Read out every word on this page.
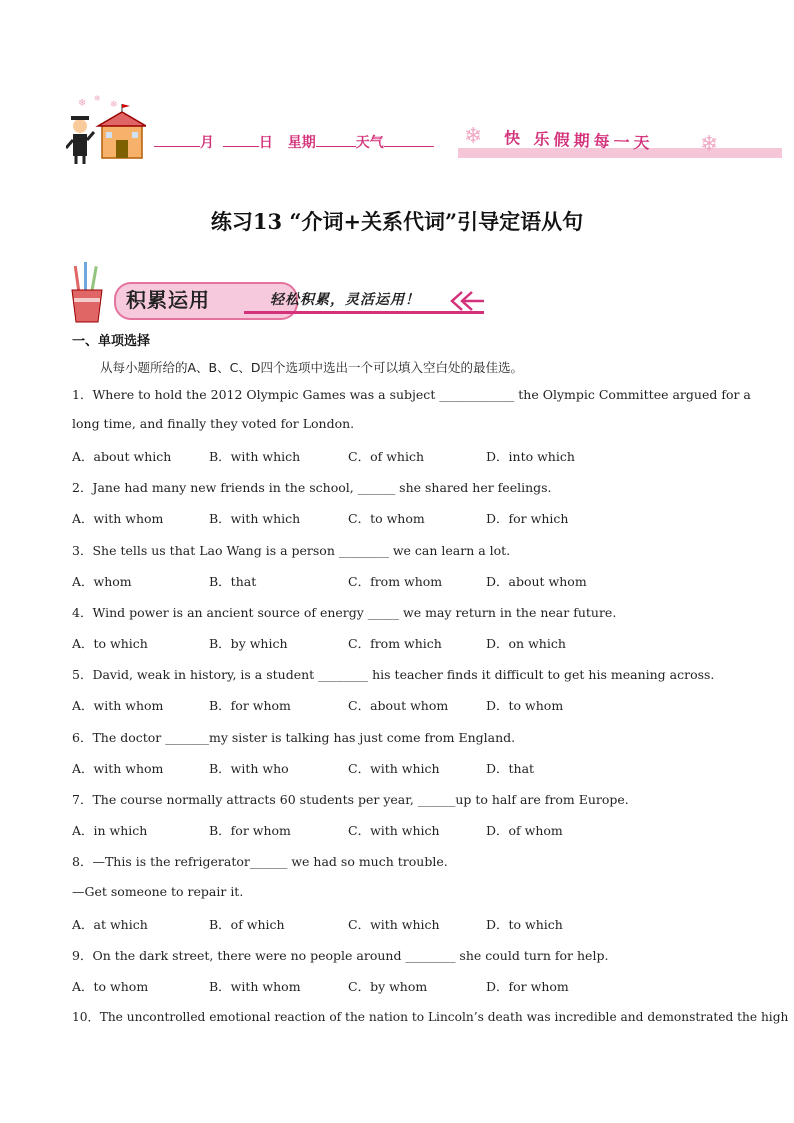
❄ ❄
❄
月	日 星期	天气	❄ 快 乐假期每一天 ❄
练习13 “介词+关系代词”引导定语从句
积累运用	轻松积累，灵活运用！
一、单项选择
从每小题所给的A、B、C、D四个选项中选出一个可以填入空白处的最佳选。
1．Where to hold the 2012 Olympic Games was a subject ____________ the Olympic Committee argued for a
long time, and finally they voted for London.
A．about which	B．with which	C．of which	D．into which
2．Jane had many new friends in the school, ______ she shared her feelings.
A．with whom	B．with which	C．to whom	D．for which
3．She tells us that Lao Wang is a person ________ we can learn a lot.
A．whom	B．that	C．from whom	D．about whom
4．Wind power is an ancient source of energy _____ we may return in the near future.
A．to which	B．by which	C．from which	D．on which
5．David, weak in history, is a student ________ his teacher finds it difficult to get his meaning across.
A．with whom	B．for whom	C．about whom	D．to whom
6．The doctor _______my sister is talking has just come from England.
A．with whom	B．with who	C．with which	D．that
7．The course normally attracts 60 students per year, ______up to half are from Europe.
A．in which	B．for whom	C．with which	D．of whom
8．—This is the refrigerator______ we had so much trouble.
—Get someone to repair it.
A．at which	B．of which	C．with which	D．to which
9．On the dark street, there were no people around ________ she could turn for help.
A．to whom	B．with whom	C．by whom	D．for whom
10．The uncontrolled emotional reaction of the nation to Lincoln’s death was incredible and demonstrated the high
